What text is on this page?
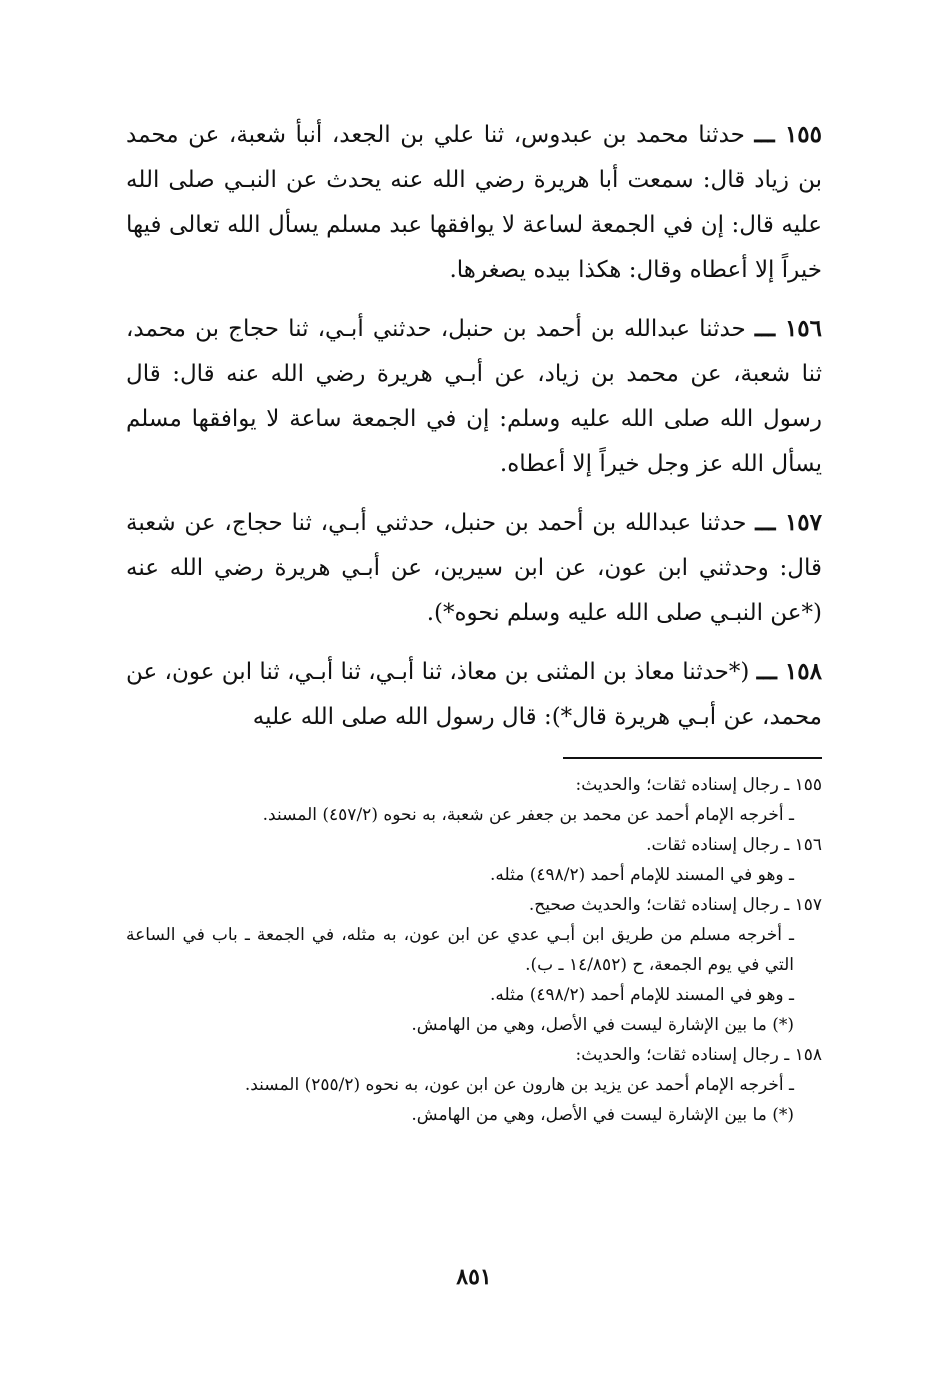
١٥٥ ـــ حدثنا محمد بن عبدوس، ثنا علي بن الجعد، أنبأ شعبة، عن محمد بن زياد قال: سمعت أبا هريرة رضي الله عنه يحدث عن النبـي صلى الله عليه قال: إن في الجمعة لساعة لا يوافقها عبد مسلم يسأل الله تعالى فيها خيراً إلا أعطاه وقال: هكذا بيده يصغرها.

١٥٦ ـــ حدثنا عبدالله بن أحمد بن حنبل، حدثني أبـي، ثنا حجاج بن محمد، ثنا شعبة، عن محمد بن زياد، عن أبـي هريرة رضي الله عنه قال: قال رسول الله صلى الله عليه وسلم: إن في الجمعة ساعة لا يوافقها مسلم يسأل الله عز وجل خيراً إلا أعطاه.

١٥٧ ـــ حدثنا عبدالله بن أحمد بن حنبل، حدثني أبـي، ثنا حجاج، عن شعبة قال: وحدثني ابن عون، عن ابن سيرين، عن أبـي هريرة رضي الله عنه (*عن النبـي صلى الله عليه وسلم نحوه*).

١٥٨ ـــ (*حدثنا معاذ بن المثنى بن معاذ، ثنا أبـي، ثنا أبـي، ثنا ابن عون، عن محمد، عن أبـي هريرة قال*): قال رسول الله صلى الله عليه

١٥٥ ـ رجال إسناده ثقات؛ والحديث:

ـ أخرجه الإمام أحمد عن محمد بن جعفر عن شعبة، به نحوه (٤٥٧/٢) المسند.

١٥٦ ـ رجال إسناده ثقات.

ـ وهو في المسند للإمام أحمد (٤٩٨/٢) مثله.

١٥٧ ـ رجال إسناده ثقات؛ والحديث صحيح.

ـ أخرجه مسلم من طريق ابن أبـي عدي عن ابن عون، به مثله، في الجمعة ـ باب في الساعة التي في يوم الجمعة، ح (١٤/٨٥٢ ـ ب).

ـ وهو في المسند للإمام أحمد (٤٩٨/٢) مثله.

(*) ما بين الإشارة ليست في الأصل، وهي من الهامش.

١٥٨ ـ رجال إسناده ثقات؛ والحديث:

ـ أخرجه الإمام أحمد عن يزيد بن هارون عن ابن عون، به نحوه (٢٥٥/٢) المسند.

(*) ما بين الإشارة ليست في الأصل، وهي من الهامش.

٨٥١
